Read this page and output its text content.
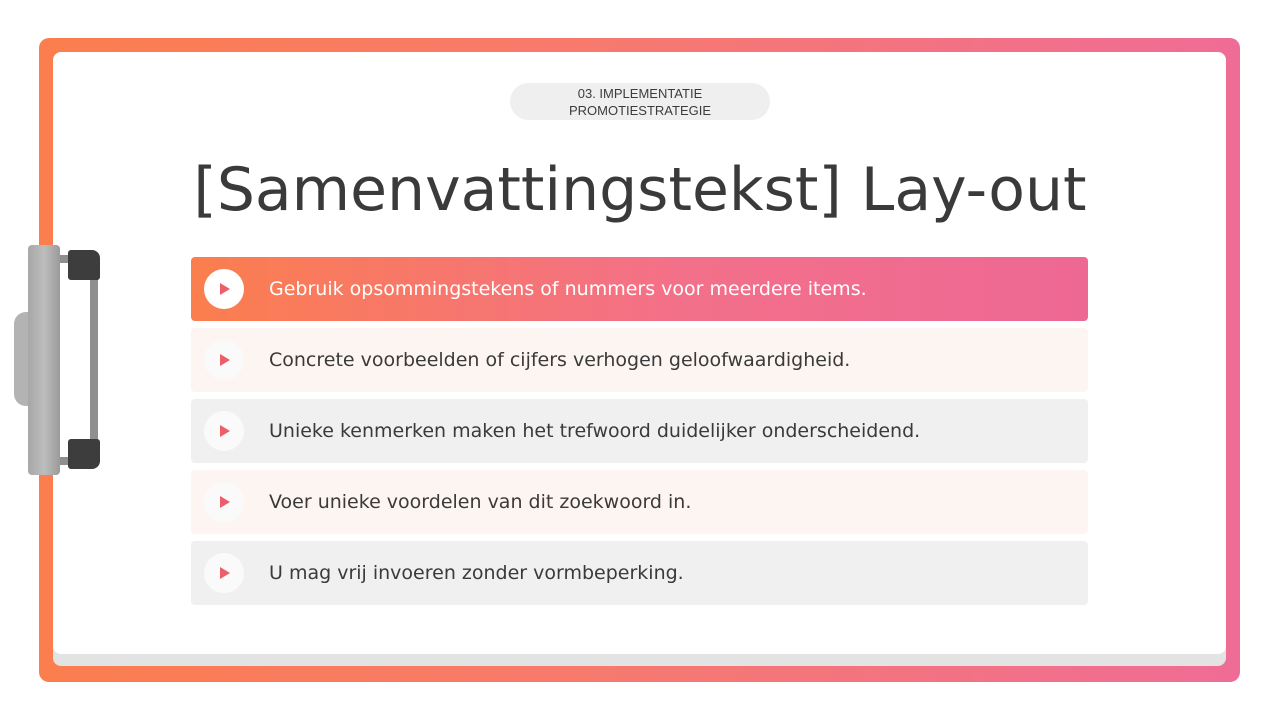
03. IMPLEMENTATIE PROMOTIESTRATEGIE
[Samenvattingstekst] Lay-out
Gebruik opsommingstekens of nummers voor meerdere items.
Concrete voorbeelden of cijfers verhogen geloofwaardigheid.
Unieke kenmerken maken het trefwoord duidelijker onderscheidend.
Voer unieke voordelen van dit zoekwoord in.
U mag vrij invoeren zonder vormbeperking.
